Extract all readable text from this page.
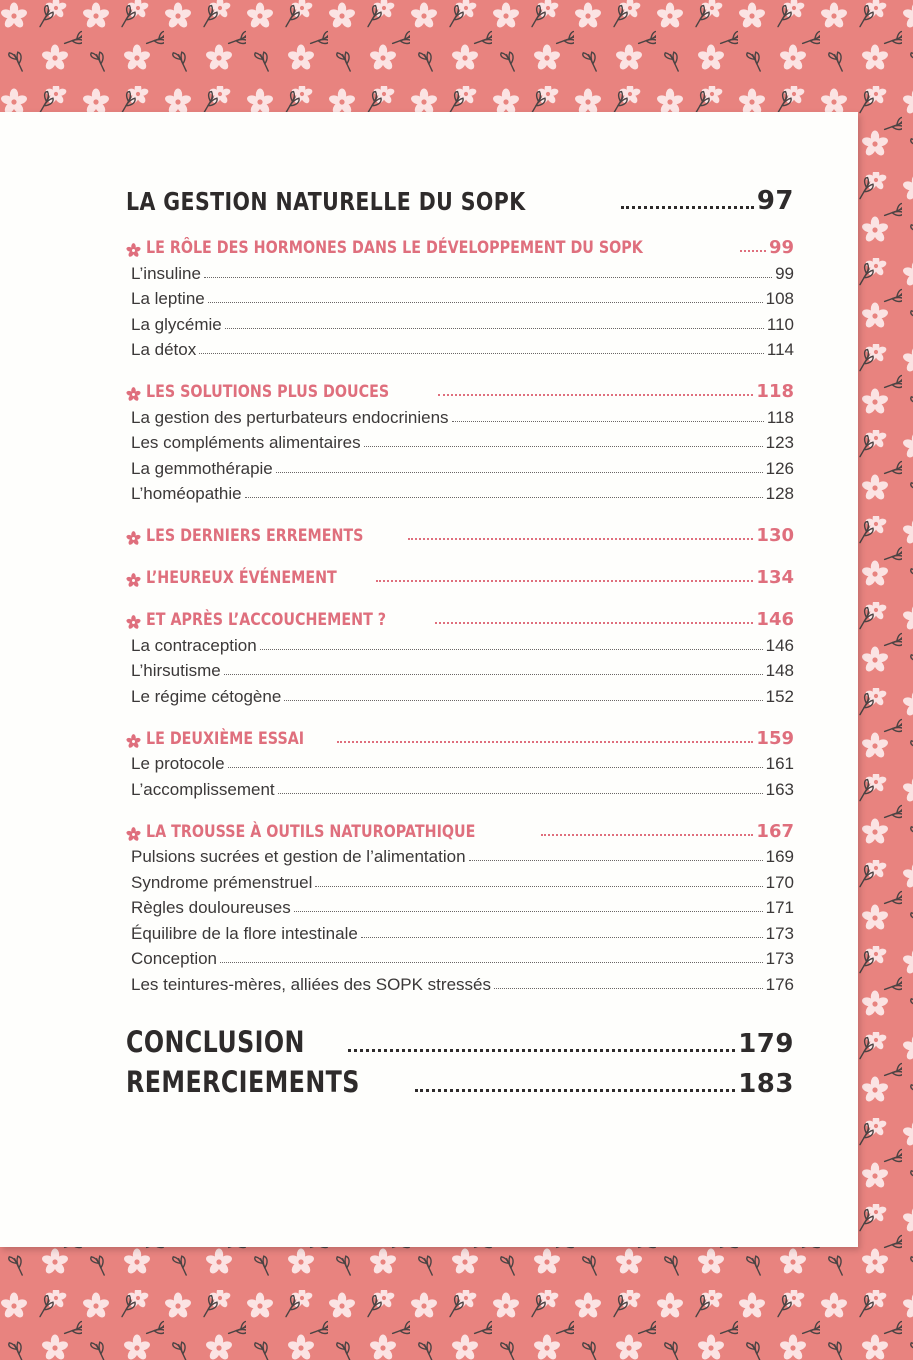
LA GESTION NATURELLE DU SOPK	97
LE RÔLE DES HORMONES DANS LE DÉVELOPPEMENT DU SOPK	99
L’insuline	99
La leptine	108
La glycémie	110
La détox	114
LES SOLUTIONS PLUS DOUCES	118
La gestion des perturbateurs endocriniens	118
Les compléments alimentaires	123
La gemmothérapie	126
L’homéopathie	128
LES DERNIERS ERREMENTS	130
L’HEUREUX ÉVÉNEMENT	134
ET APRÈS L’ACCOUCHEMENT ?	146
La contraception	146
L’hirsutisme	148
Le régime cétogène	152
LE DEUXIÈME ESSAI	159
Le protocole	161
L’accomplissement	163
LA TROUSSE À OUTILS NATUROPATHIQUE	167
Pulsions sucrées et gestion de l’alimentation	169
Syndrome prémenstruel	170
Règles douloureuses	171
Équilibre de la flore intestinale	173
Conception	173
Les teintures-mères, alliées des SOPK stressés	176
CONCLUSION	179
REMERCIEMENTS	183
